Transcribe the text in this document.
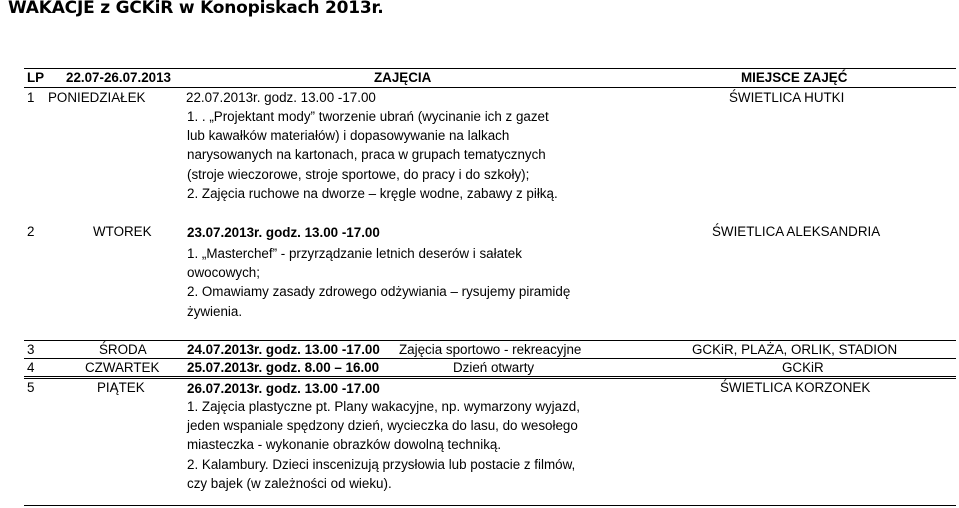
WAKACJE z GCKiR w Konopiskach 2013r.
LP 22.07-26.07.2013	ZAJĘCIA	MIEJSCE ZAJĘĆ
1 PONIEDZIAŁEK	22.07.2013r. godz. 13.00 -17.00	ŚWIETLICA HUTKI
1. . „Projektant mody” tworzenie ubrań (wycinanie ich z gazet
lub kawałków materiałów) i dopasowywanie na lalkach
narysowanych na kartonach, praca w grupach tematycznych
(stroje wieczorowe, stroje sportowe, do pracy i do szkoły);
2. Zajęcia ruchowe na dworze – kręgle wodne, zabawy z piłką.
2	WTOREK	23.07.2013r. godz. 13.00 -17.00	ŚWIETLICA ALEKSANDRIA
1. „Masterchef” - przyrządzanie letnich deserów i sałatek
owocowych;
2. Omawiamy zasady zdrowego odżywiania – rysujemy piramidę
żywienia.
3	ŚRODA	24.07.2013r. godz. 13.00 -17.00 Zajęcia sportowo - rekreacyjne	GCKiR, PLAŻA, ORLIK, STADION
4	CZWARTEK 25.07.2013r. godz. 8.00 – 16.00	Dzień otwarty	GCKiR
5	PIĄTEK	26.07.2013r. godz. 13.00 -17.00	ŚWIETLICA KORZONEK
1. Zajęcia plastyczne pt. Plany wakacyjne, np. wymarzony wyjazd,
jeden wspaniale spędzony dzień, wycieczka do lasu, do wesołego
miasteczka - wykonanie obrazków dowolną techniką.
2. Kalambury. Dzieci inscenizują przysłowia lub postacie z filmów,
czy bajek (w zależności od wieku).
